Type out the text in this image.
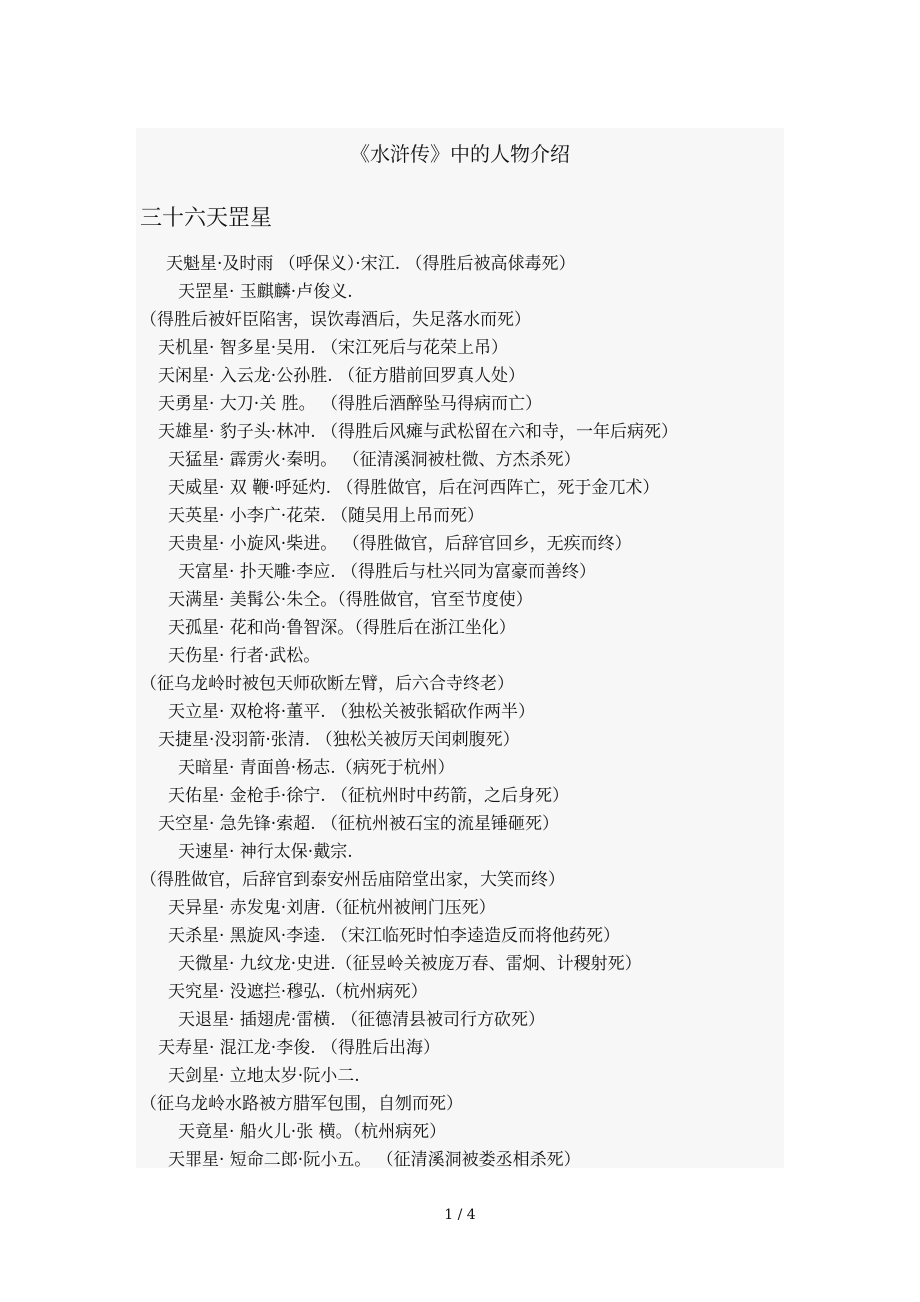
《水浒传》中的人物介绍
三十六天罡星
天魁星·及时雨 （呼保义）·宋江. （得胜后被高俅毒死）
天罡星· 玉麒麟·卢俊义.
（得胜后被奸臣陷害，误饮毒酒后，失足落水而死）
天机星· 智多星·吴用. （宋江死后与花荣上吊）
天闲星· 入云龙·公孙胜. （征方腊前回罗真人处）
天勇星· 大刀·关 胜。 （得胜后酒醉坠马得病而亡）
天雄星· 豹子头·林冲. （得胜后风瘫与武松留在六和寺，一年后病死）
天猛星· 霹雳火·秦明。 （征清溪洞被杜微、方杰杀死）
天威星· 双 鞭·呼延灼. （得胜做官，后在河西阵亡，死于金兀术）
天英星· 小李广·花荣. （随吴用上吊而死）
天贵星· 小旋风·柴进。 （得胜做官，后辞官回乡，无疾而终）
天富星· 扑天雕·李应. （得胜后与杜兴同为富豪而善终）
天满星· 美髯公·朱仝。（得胜做官，官至节度使）
天孤星· 花和尚·鲁智深。（得胜后在浙江坐化）
天伤星· 行者·武松。
（征乌龙岭时被包天师砍断左臂，后六合寺终老）
天立星· 双枪将·董平. （独松关被张韬砍作两半）
天捷星·没羽箭·张清. （独松关被厉天闰刺腹死）
天暗星· 青面兽·杨志.（病死于杭州）
天佑星· 金枪手·徐宁. （征杭州时中药箭，之后身死）
天空星· 急先锋·索超. （征杭州被石宝的流星锤砸死）
天速星· 神行太保·戴宗.
（得胜做官，后辞官到泰安州岳庙陪堂出家，大笑而终）
天异星· 赤发鬼·刘唐.（征杭州被闸门压死）
天杀星· 黑旋风·李逵. （宋江临死时怕李逵造反而将他药死）
天微星· 九纹龙·史进.（征昱岭关被庞万春、雷炯、计稷射死）
天究星· 没遮拦·穆弘.（杭州病死）
天退星· 插翅虎·雷横. （征德清县被司行方砍死）
天寿星· 混江龙·李俊. （得胜后出海）
天剑星· 立地太岁·阮小二.
（征乌龙岭水路被方腊军包围，自刎而死）
天竟星· 船火儿·张 横。（杭州病死）
天罪星· 短命二郎·阮小五。 （征清溪洞被娄丞相杀死）
1 / 4
